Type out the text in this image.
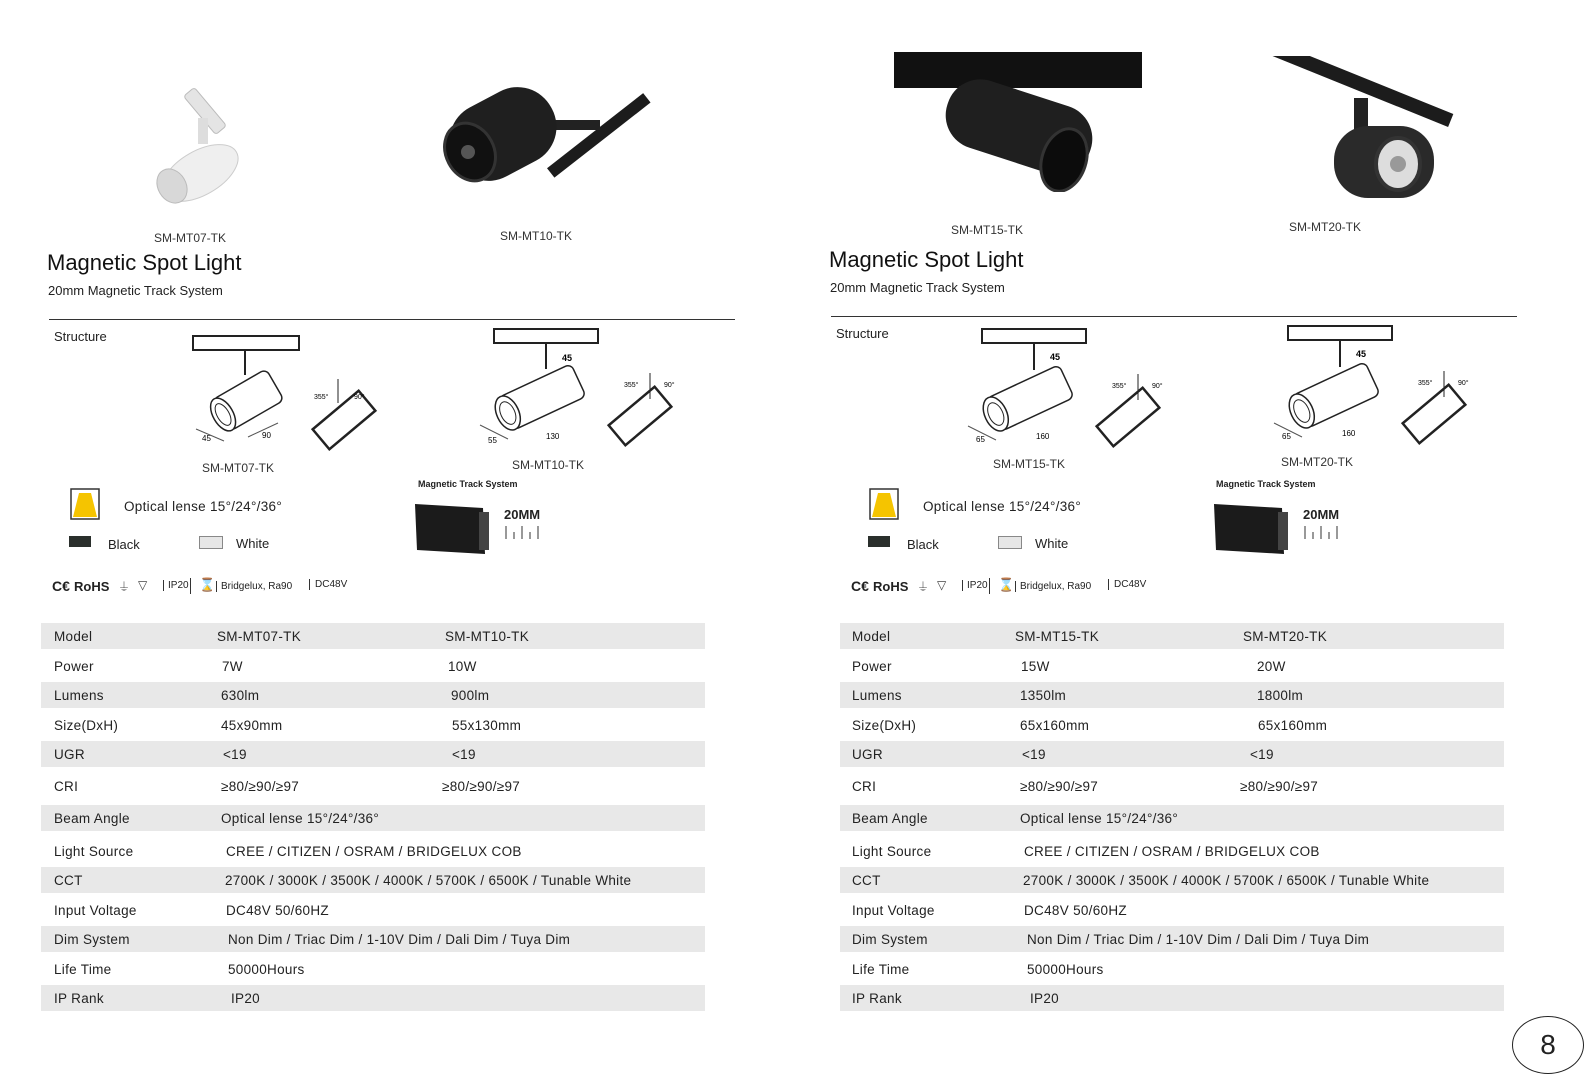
SM-MT07-TK	SM-MT10-TK
Magnetic Spot Light
20mm Magnetic Track System
Structure
45	90
355°	90°
45
55	130
355°	90°
SM-MT07-TK	SM-MT10-TK
Optical lense 15°/24°/36°
Black	White
Magnetic Track System
20MM
C€ RoHS ⏚ ▽	IP20 ⌛ Bridgelux, Ra90	DC48V
Model	SM-MT07-TK	SM-MT10-TK
Power	7W	10W
Lumens	630lm	900lm
Size(DxH)	45x90mm	55x130mm
UGR	<19	<19
CRI	≥80/≥90/≥97	≥80/≥90/≥97
Beam Angle	Optical lense 15°/24°/36°
Light Source	CREE / CITIZEN / OSRAM / BRIDGELUX COB
CCT	2700K / 3000K / 3500K / 4000K / 5700K / 6500K / Tunable White
Input Voltage	DC48V 50/60HZ
Dim System	Non Dim / Triac Dim / 1-10V Dim / Dali Dim / Tuya Dim
Life Time	50000Hours
IP Rank	IP20
SM-MT15-TK	SM-MT20-TK
Magnetic Spot Light
20mm Magnetic Track System
Structure
45
65	160
355°	90°
45
65	160
355°	90°
SM-MT15-TK	SM-MT20-TK
Optical lense 15°/24°/36°
Black	White
Magnetic Track System
20MM
C€ RoHS ⏚ ▽	IP20 ⌛ Bridgelux, Ra90	DC48V
Model	SM-MT15-TK	SM-MT20-TK
Power	15W	20W
Lumens	1350lm	1800lm
Size(DxH)	65x160mm	65x160mm
UGR	<19	<19
CRI	≥80/≥90/≥97	≥80/≥90/≥97
Beam Angle	Optical lense 15°/24°/36°
Light Source	CREE / CITIZEN / OSRAM / BRIDGELUX COB
CCT	2700K / 3000K / 3500K / 4000K / 5700K / 6500K / Tunable White
Input Voltage	DC48V 50/60HZ
Dim System	Non Dim / Triac Dim / 1-10V Dim / Dali Dim / Tuya Dim
Life Time	50000Hours
IP Rank	IP20
8
